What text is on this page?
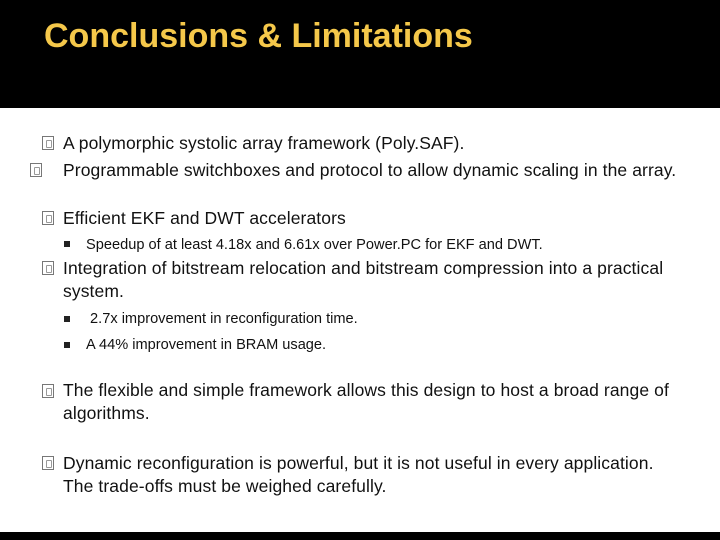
Conclusions & Limitations
A polymorphic systolic array framework (Poly.SAF).
Programmable switchboxes and protocol to allow dynamic scaling in the array.
Efficient EKF and DWT accelerators
Speedup of at least 4.18x and 6.61x over Power.PC for EKF and DWT.
Integration of bitstream relocation and bitstream compression into a practical system.
2.7x improvement in reconfiguration time.
A 44% improvement in BRAM usage.
The flexible and simple framework allows this design to host a broad range of algorithms.
Dynamic reconfiguration is powerful, but it is not useful in every application. The trade-offs must be weighed carefully.
